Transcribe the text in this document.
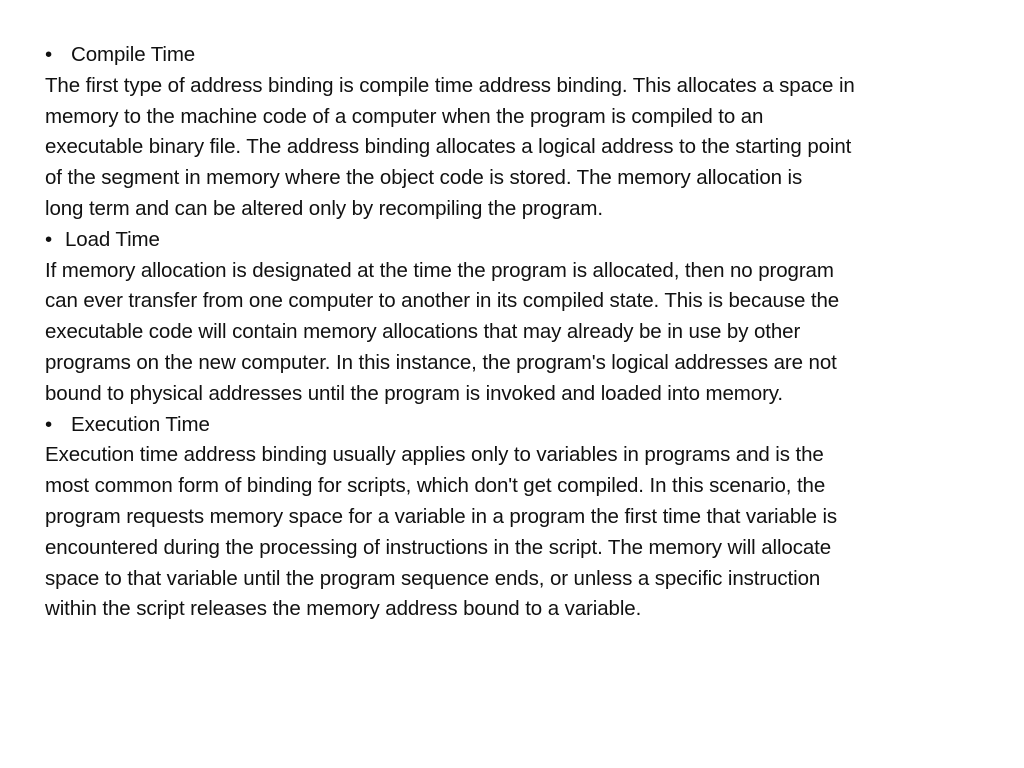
• Compile Time
The first type of address binding is compile time address binding. This allocates a space in
memory to the machine code of a computer when the program is compiled to an
executable binary file. The address binding allocates a logical address to the starting point
of the segment in memory where the object code is stored. The memory allocation is
long term and can be altered only by recompiling the program.
• Load Time
If memory allocation is designated at the time the program is allocated, then no program
can ever transfer from one computer to another in its compiled state. This is because the
executable code will contain memory allocations that may already be in use by other
programs on the new computer. In this instance, the program's logical addresses are not
bound to physical addresses until the program is invoked and loaded into memory.
• Execution Time
Execution time address binding usually applies only to variables in programs and is the
most common form of binding for scripts, which don't get compiled. In this scenario, the
program requests memory space for a variable in a program the first time that variable is
encountered during the processing of instructions in the script. The memory will allocate
space to that variable until the program sequence ends, or unless a specific instruction
within the script releases the memory address bound to a variable.
